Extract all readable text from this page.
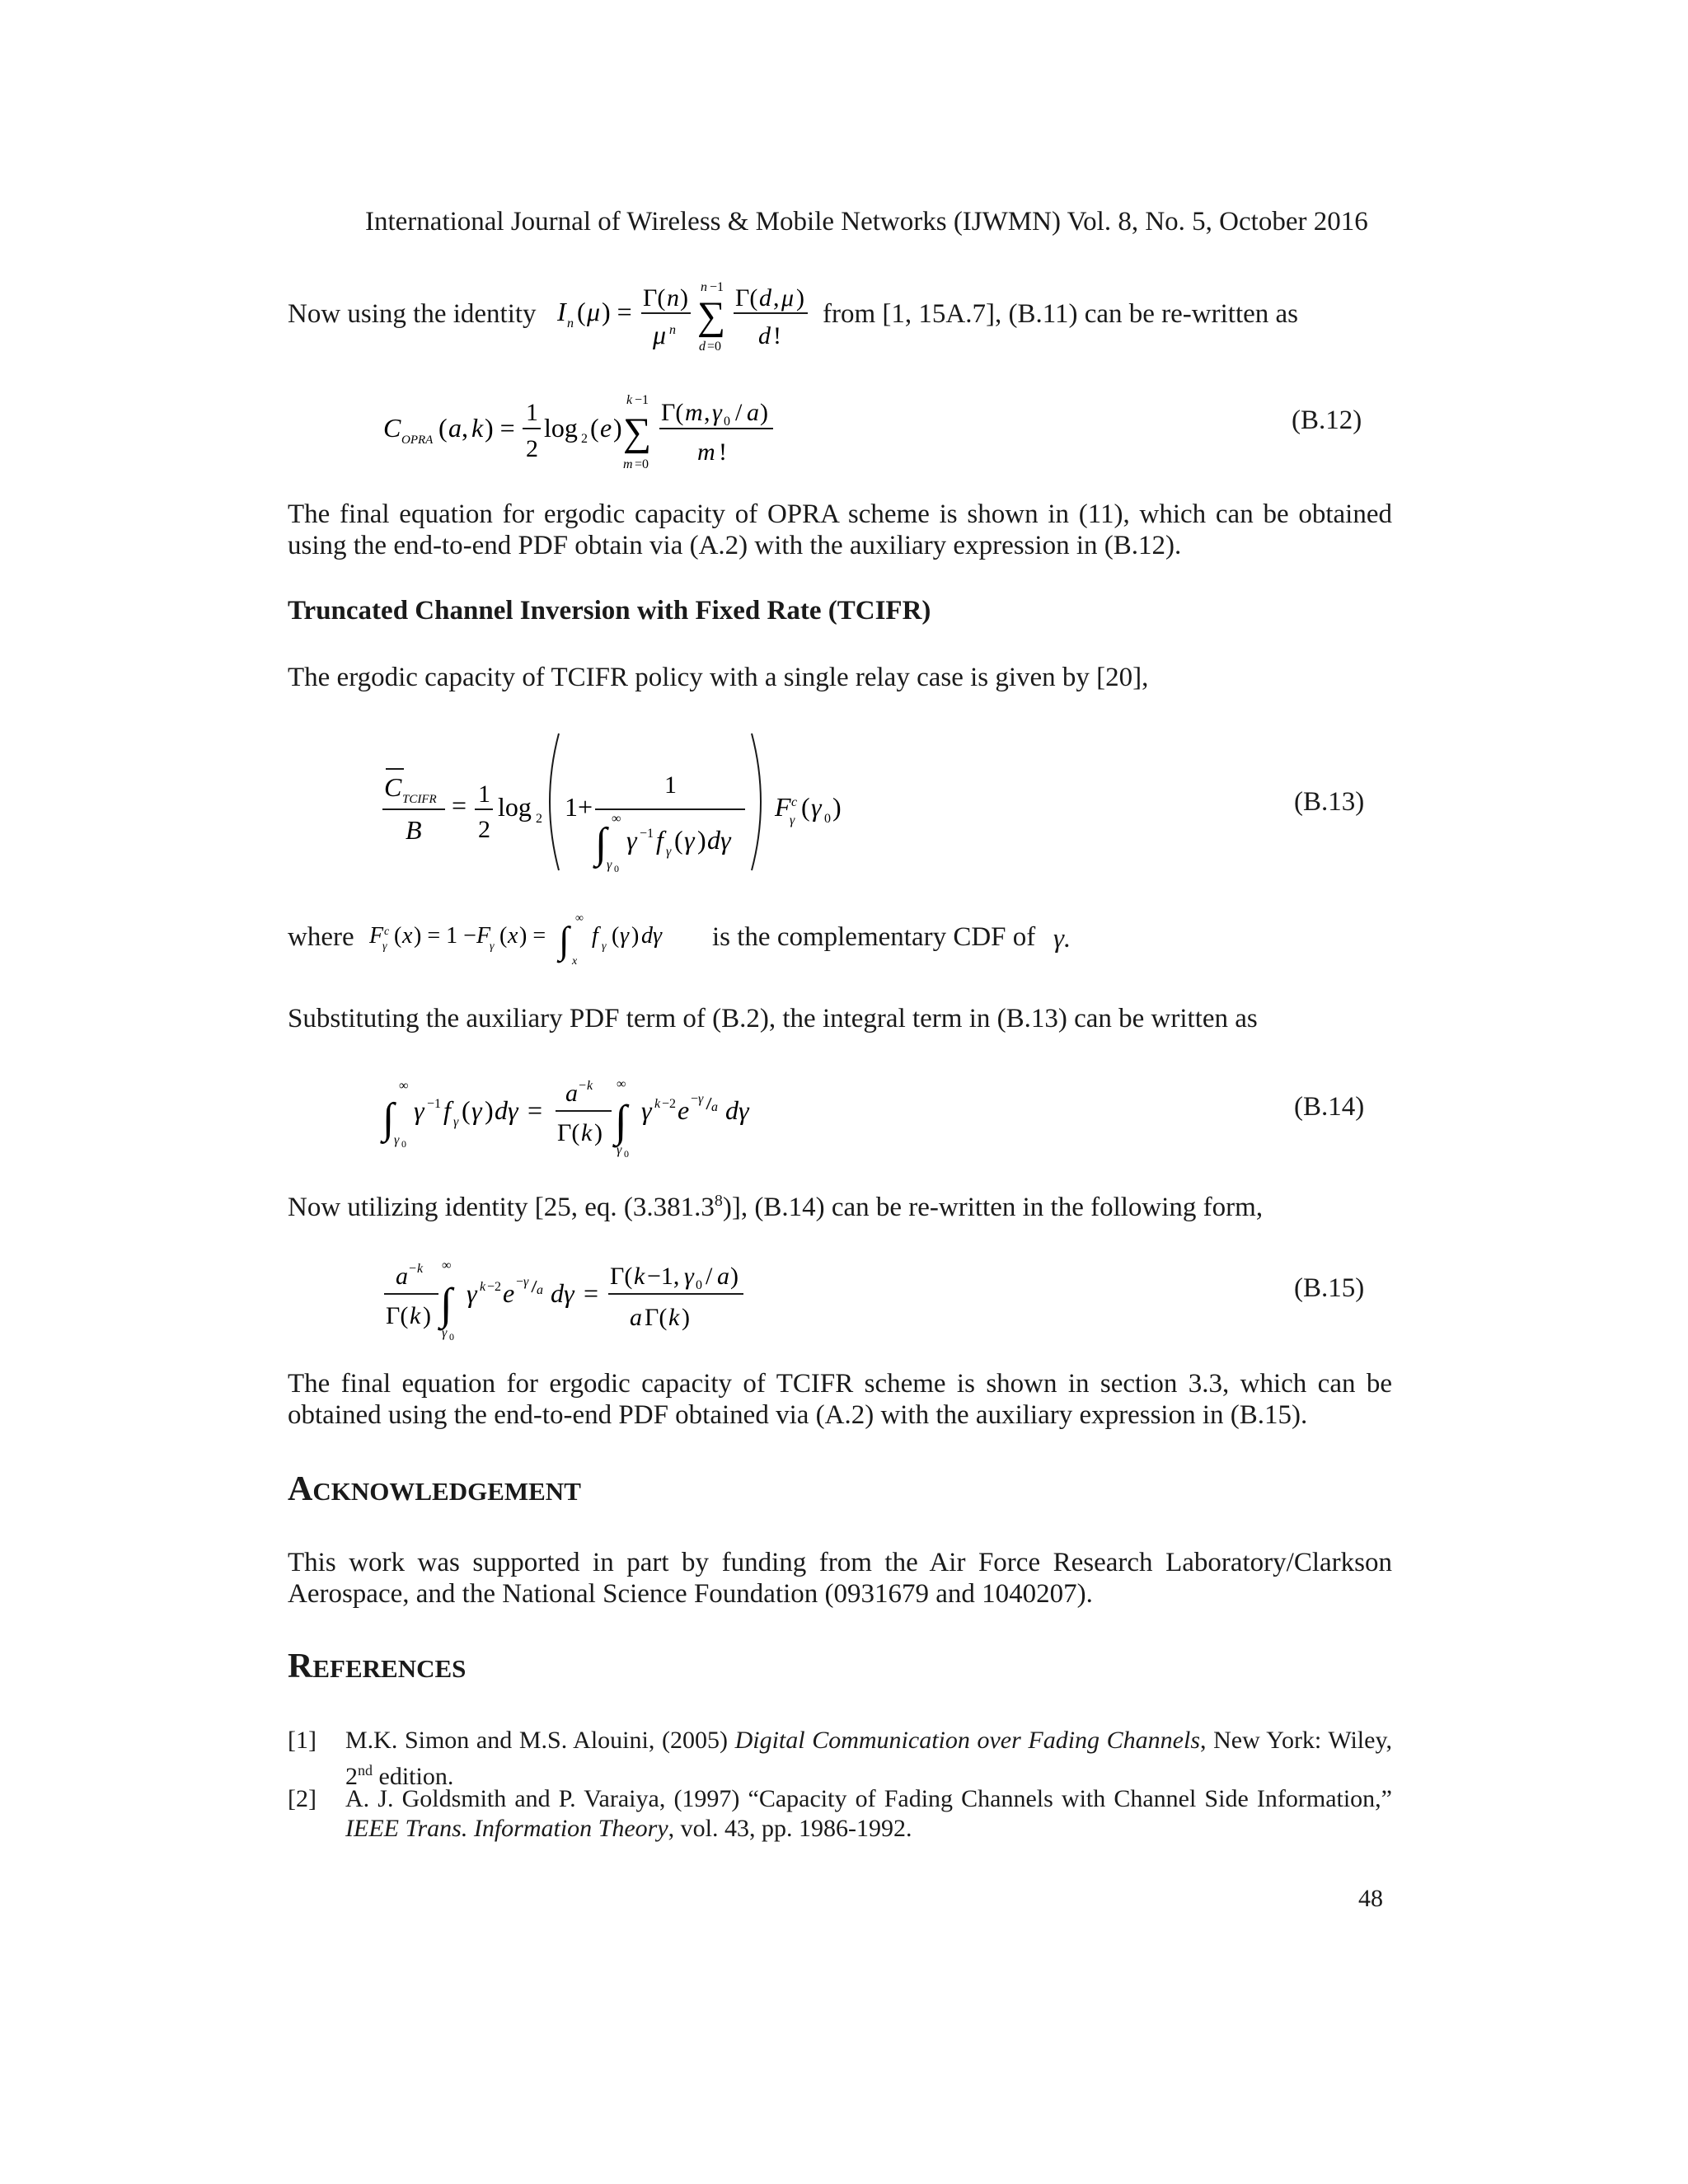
International Journal of Wireless & Mobile Networks (IJWMN) Vol. 8, No. 5, October 2016
Now using the identity I n ( μ ) = Γ( n )
μ n
n −1
∑
d =0
Γ( d , μ )
d !
from [1, 15A.7], (B.11) can be re-written as
C OPRA ( a , k ) =
1
2
log 2 ( e )
k −1
∑
m =0
Γ( m , γ 0 / a )
m !
(B.12)
The final equation for ergodic capacity of OPRA scheme is shown in (11), which can be obtained using the end-to-end PDF obtain via (A.2) with the auxiliary expression in (B.12).
Truncated Channel Inversion with Fixed Rate (TCIFR)
The ergodic capacity of TCIFR policy with a single relay case is given by [20],
C TCIFR
B
= 1
2
log 2 1+
1
∫
∞
γ 0
γ −1 f γ ( γ ) dγ
F c
γ ( γ 0 )	(B.13)
where F c
γ ( x ) = 1 − F
γ ( x ) = ∫
∞
x
f γ ( γ ) dγ is the complementary CDF of γ.
Substituting the auxiliary PDF term of (B.2), the integral term in (B.13) can be written as
∫
∞
γ 0
γ −1 f γ ( γ ) dγ =
a − k
Γ( k ) ∫
∞
γ 0
γ k −2 e − γ
a dγ	(B.14)
Now utilizing identity [25, eq. (3.381.3$^8$)], (B.14) can be re-written in the following form,
a − k
Γ( k ) ∫
∞
γ 0
γ k −2 e − γ
a dγ =
Γ( k −1, γ 0 / a )
a Γ( k )
(B.15)
The final equation for ergodic capacity of TCIFR scheme is shown in section 3.3, which can be obtained using the end-to-end PDF obtained via (A.2) with the auxiliary expression in (B.15).
ACKNOWLEDGEMENT
This work was supported in part by funding from the Air Force Research Laboratory/Clarkson Aerospace, and the National Science Foundation (0931679 and 1040207).
REFERENCES
[1] M.K. Simon and M.S. Alouini, (2005) Digital Communication over Fading Channels, New York: Wiley, 2nd edition.
[2] A. J. Goldsmith and P. Varaiya, (1997) “Capacity of Fading Channels with Channel Side Information,” IEEE Trans. Information Theory, vol. 43, pp. 1986-1992.
48
